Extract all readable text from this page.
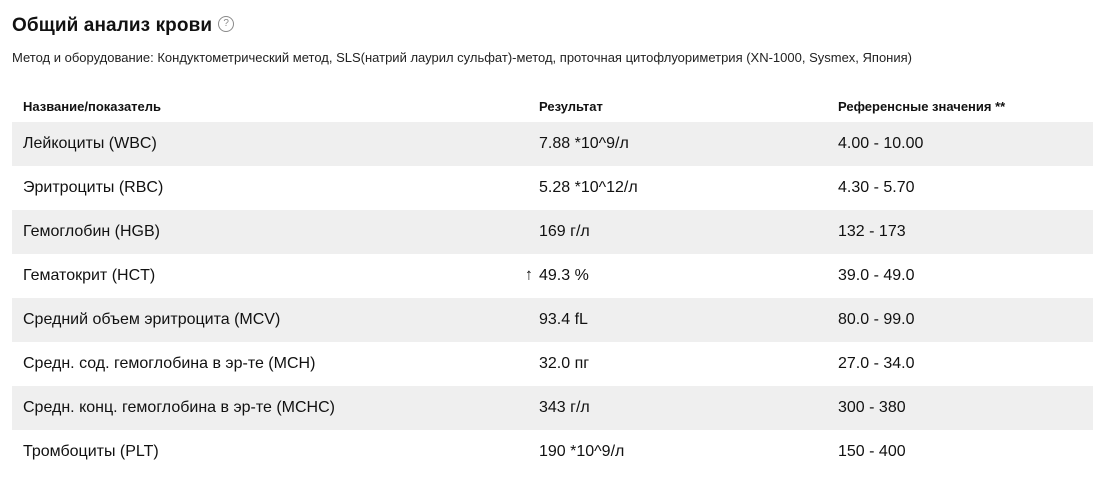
Общий анализ крови	?
Метод и оборудование: Кондуктометрический метод, SLS(натрий лаурил сульфат)-метод, проточная цитофлуориметрия (XN-1000, Sysmex, Япония)
Название/показатель	Результат	Референсные значения **
Лейкоциты (WBC)	7.88 *10^9/л	4.00 - 10.00
Эритроциты (RBC)	5.28 *10^12/л	4.30 - 5.70
Гемоглобин (HGB)	169 г/л	132 - 173
Гематокрит (HCT)	↑ 49.3 %	39.0 - 49.0
Средний объем эритроцита (MCV)	93.4 fL	80.0 - 99.0
Средн. сод. гемоглобина в эр-те (MCH)	32.0 пг	27.0 - 34.0
Средн. конц. гемоглобина в эр-те (MCHC)	343 г/л	300 - 380
Тромбоциты (PLT)	190 *10^9/л	150 - 400
